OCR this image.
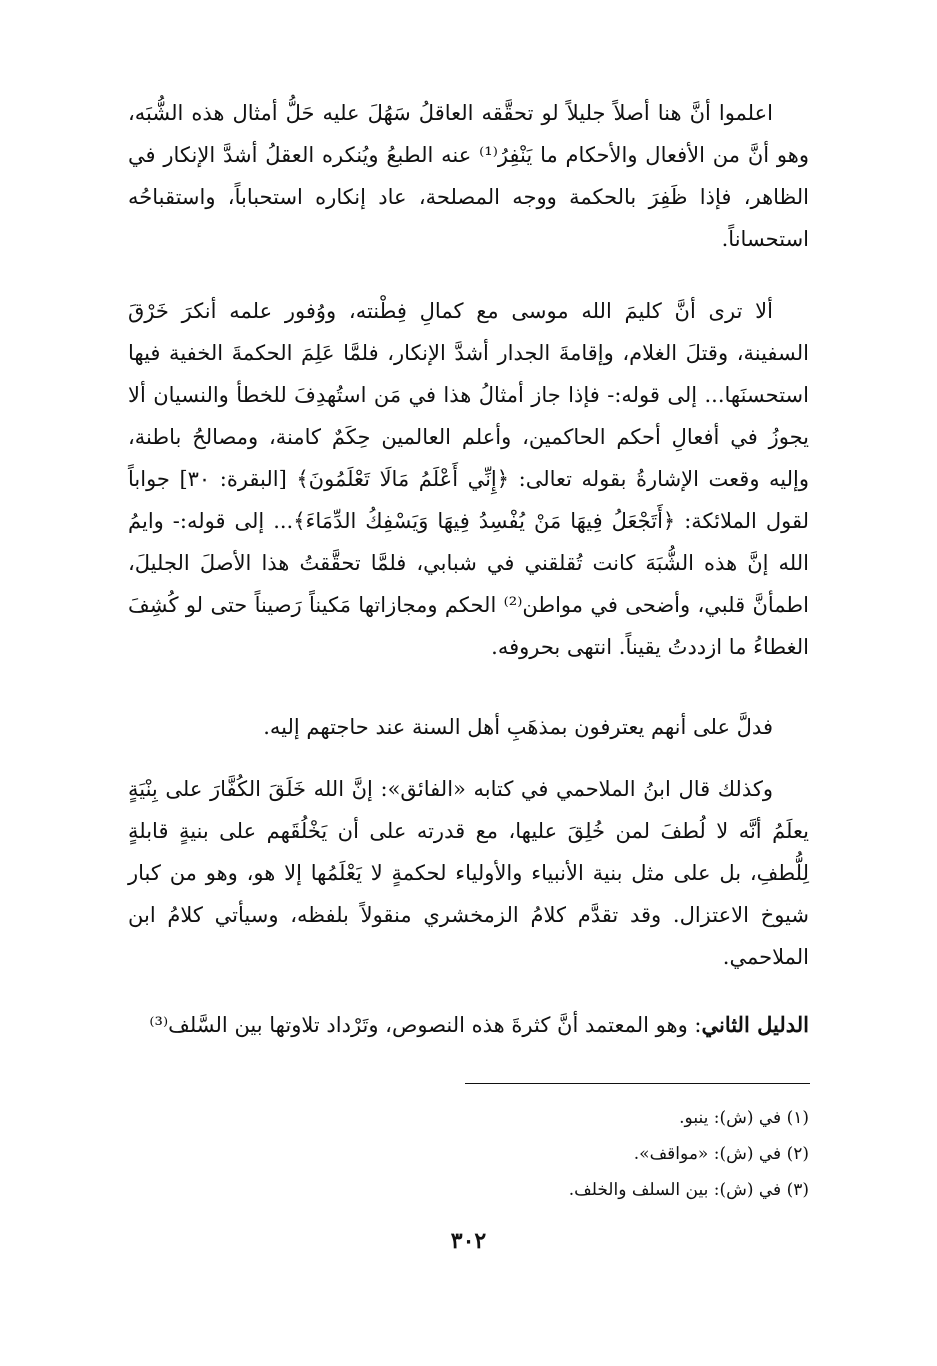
اعلموا أنَّ هنا أصلاً جليلاً لو تحقَّقه العاقلُ سَهُلَ عليه حَلُّ أمثال هذه الشُّبَه، وهو أنَّ من الأفعال والأحكام ما يَنْفِرُ⁽¹⁾ عنه الطبعُ ويُنكره العقلُ أشدَّ الإنكار في الظاهر، فإذا ظَفِرَ بالحكمة ووجه المصلحة، عاد إنكاره استحباباً، واستقباحُه استحساناً.

ألا ترى أنَّ كليمَ الله موسى مع كمالِ فِطْنته، ووُفور علمه أنكرَ خَرْقَ السفينة، وقتلَ الغلام، وإقامةَ الجدار أشدَّ الإنكار، فلمَّا عَلِمَ الحكمةَ الخفية فيها استحسنَها... إلى قوله:- فإذا جاز أمثالُ هذا في مَن استُهدِفَ للخطأ والنسيان ألا يجوزُ في أفعالِ أحكم الحاكمين، وأعلم العالمين حِكَمٌ كامنة، ومصالحُ باطنة، وإليه وقعت الإشارةُ بقوله تعالى: ﴿إِنِّي أَعْلَمُ مَالَا تَعْلَمُونَ﴾ [البقرة: ٣٠] جواباً لقول الملائكة: ﴿أَتَجْعَلُ فِيهَا مَنْ يُفْسِدُ فِيهَا وَيَسْفِكُ الدِّمَاءَ﴾... إلى قوله:- وايمُ الله إنَّ هذه الشُّبَهَ كانت تُقلقني في شبابي، فلمَّا تحقَّقتُ هذا الأصلَ الجليلَ، اطمأنَّ قلبي، وأضحى في مواطن⁽²⁾ الحكم ومجازاتها مَكيناً رَصيناً حتى لو كُشِفَ الغطاءُ ما ازددتُ يقيناً. انتهى بحروفه.

فدلَّ على أنهم يعترفون بمذهَبِ أهل السنة عند حاجتهم إليه.

وكذلك قال ابنُ الملاحمي في كتابه «الفائق»: إنَّ الله خَلَقَ الكُفَّارَ على بِنْيَةٍ يعلَمُ أنَّه لا لُطفَ لمن خُلِقَ عليها، مع قدرته على أن يَخْلُقَهم على بنيةٍ قابلةٍ لِلُّطفِ، بل على مثل بنية الأنبياء والأولياء لحكمةٍ لا يَعْلَمُها إلا هو، وهو من كبار شيوخ الاعتزال. وقد تقدَّم كلامُ الزمخشري منقولاً بلفظه، وسيأتي كلامُ ابن الملاحمي.

الدليل الثاني: وهو المعتمد أنَّ كثرةَ هذه النصوص، وتَرْداد تلاوتها بين السَّلف⁽³⁾

(١) في (ش): ينبو.
(٢) في (ش): «مواقف».
(٣) في (ش): بين السلف والخلف.
٣٠٢
